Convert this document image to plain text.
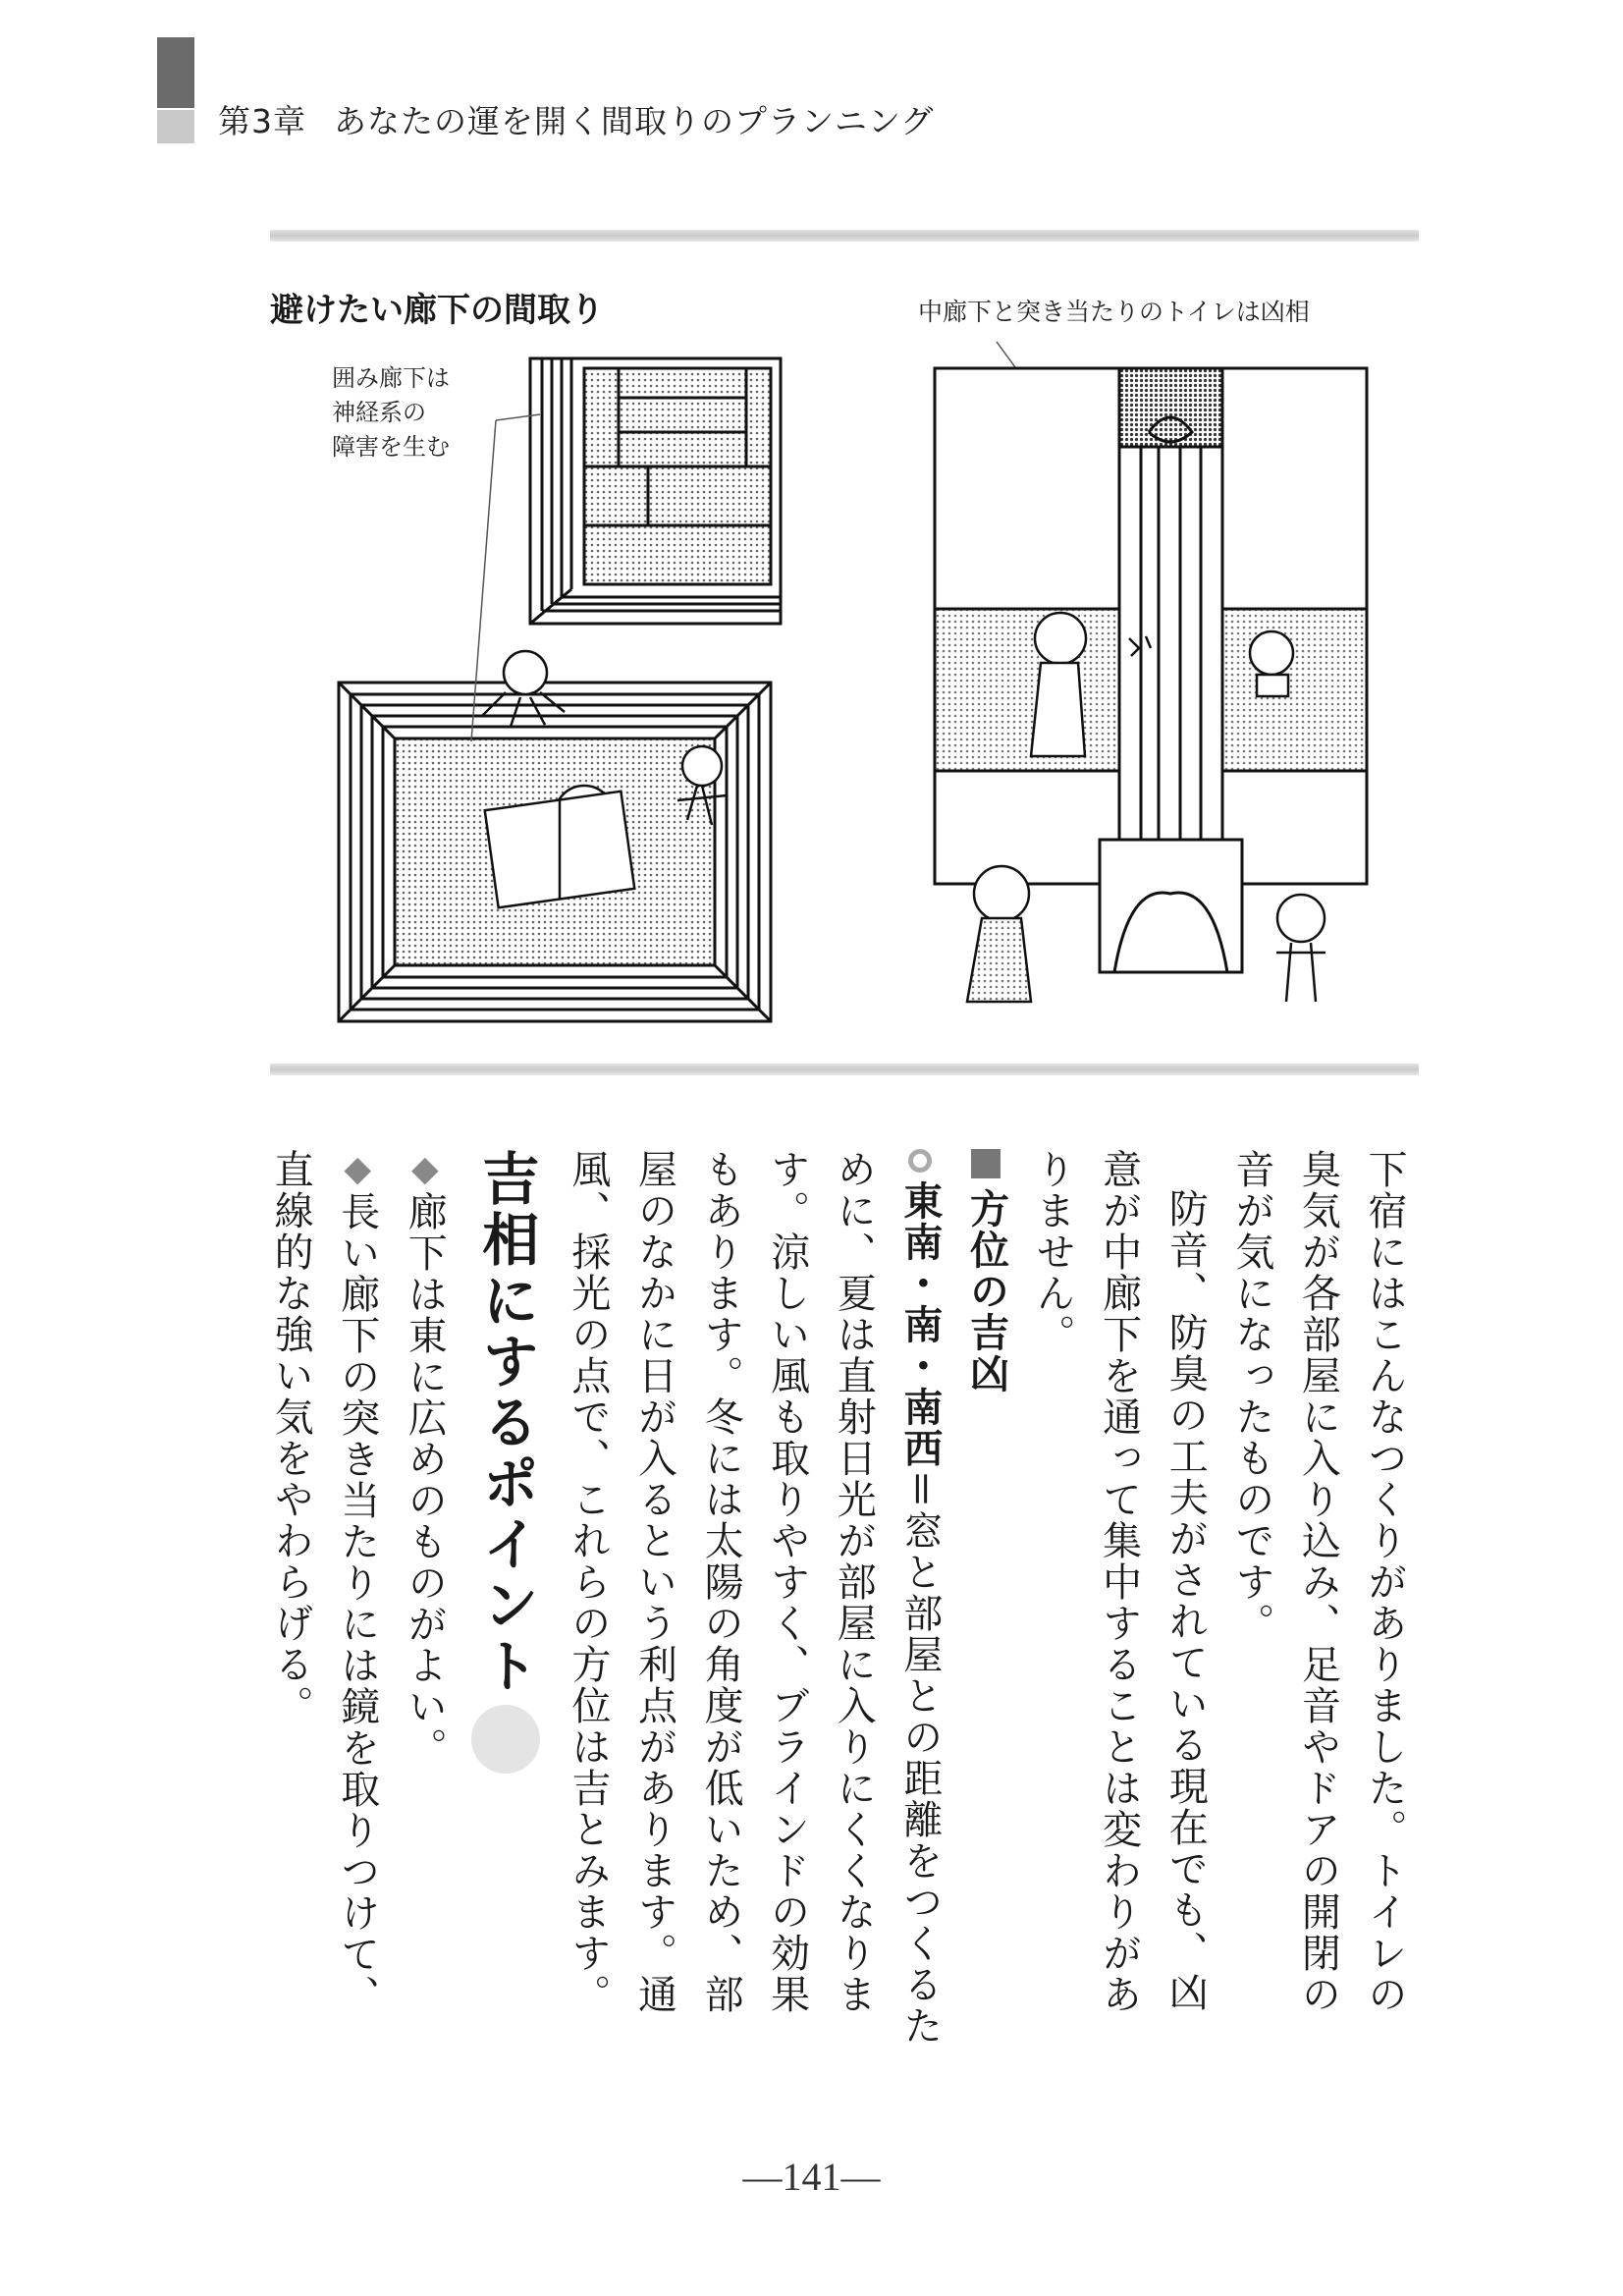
第3章 あなたの運を開く間取りのプランニング
避けたい廊下の間取り	中廊下と突き当たりのトイレは凶相
囲み廊下は
神経系の
障害を生む

下宿にはこんなつくりがありました。トイレの臭気が各部屋に入り込み、足音やドアの開閉の音が気になったものです。

防音、防臭の工夫がされている現在でも、凶意が中廊下を通って集中することは変わりがありません。

方位の吉凶

東南・南・南西＝窓と部屋との距離をつくるために、夏は直射日光が部屋に入りにくくなります。涼しい風も取りやすく、ブラインドの効果もあります。冬には太陽の角度が低いため、部屋のなかに日が入るという利点があります。通風、採光の点で、これらの方位は吉とみます。

吉相にするポイント

◆廊下は東に広めのものがよい。

◆長い廊下の突き当たりには鏡を取りつけて、

直線的な強い気をやわらげる。

—141—
